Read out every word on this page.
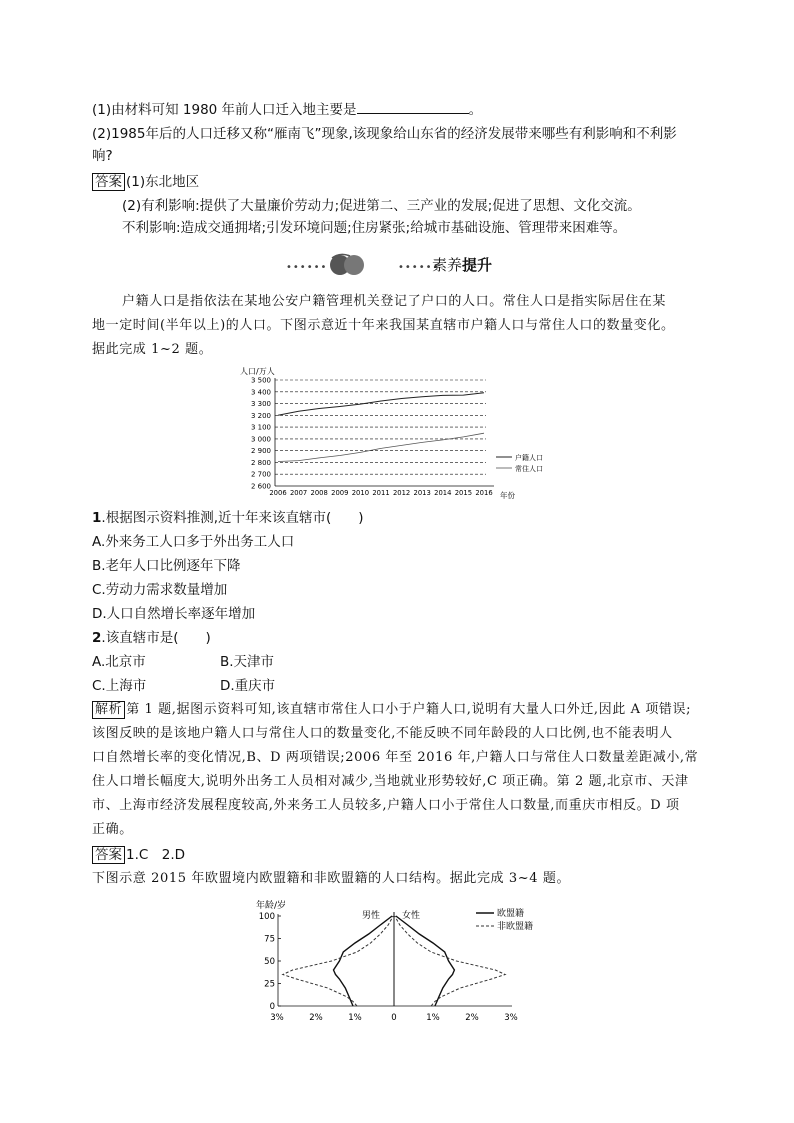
(1)由材料可知 1980 年前人口迁入地主要是	。
(2)1985年后的人口迁移又称“雁南飞”现象,该现象给山东省的经济发展带来哪些有利影响和不利影
响?
答案 (1)东北地区
(2)有利影响:提供了大量廉价劳动力;促进第二、三产业的发展;促进了思想、文化交流。
不利影响:造成交通拥堵;引发环境问题;住房紧张;给城市基础设施、管理带来困难等。
••••••	••••••
素养提升
户籍人口是指依法在某地公安户籍管理机关登记了户口的人口。常住人口是指实际居住在某
地一定时间(半年以上)的人口。下图示意近十年来我国某直辖市户籍人口与常住人口的数量变化。
据此完成 1~2 题。
人口/万人
2 600
2 700
2 800
2 900
3 000
3 100
3 200
3 300
3 400
3 500
2006 2007 2008 2009 2010 2011 2012 2013 2014 2015 2016 年份
户籍人口
常住人口
1.根据图示资料推测,近十年来该直辖市(　　)
A.外来务工人口多于外出务工人口
B.老年人口比例逐年下降
C.劳动力需求数量增加
D.人口自然增长率逐年增加
2.该直辖市是(　　)
A.北京市	B.天津市
C.上海市	D.重庆市
解析 第 1 题,据图示资料可知,该直辖市常住人口小于户籍人口,说明有大量人口外迁,因此 A 项错误;
该图反映的是该地户籍人口与常住人口的数量变化,不能反映不同年龄段的人口比例,也不能表明人
口自然增长率的变化情况,B、D 两项错误;2006 年至 2016 年,户籍人口与常住人口数量差距减小,常
住人口增长幅度大,说明外出务工人员相对减少,当地就业形势较好,C 项正确。第 2 题,北京市、天津
市、上海市经济发展程度较高,外来务工人员较多,户籍人口小于常住人口数量,而重庆市相反。D 项
正确。
答案 1.C　2.D
下图示意 2015 年欧盟境内欧盟籍和非欧盟籍的人口结构。据此完成 3~4 题。
年龄/岁
0
25
50
75
100
3%	2%	1%	0	1%	2%	3%
男性 女性	欧盟籍
非欧盟籍
